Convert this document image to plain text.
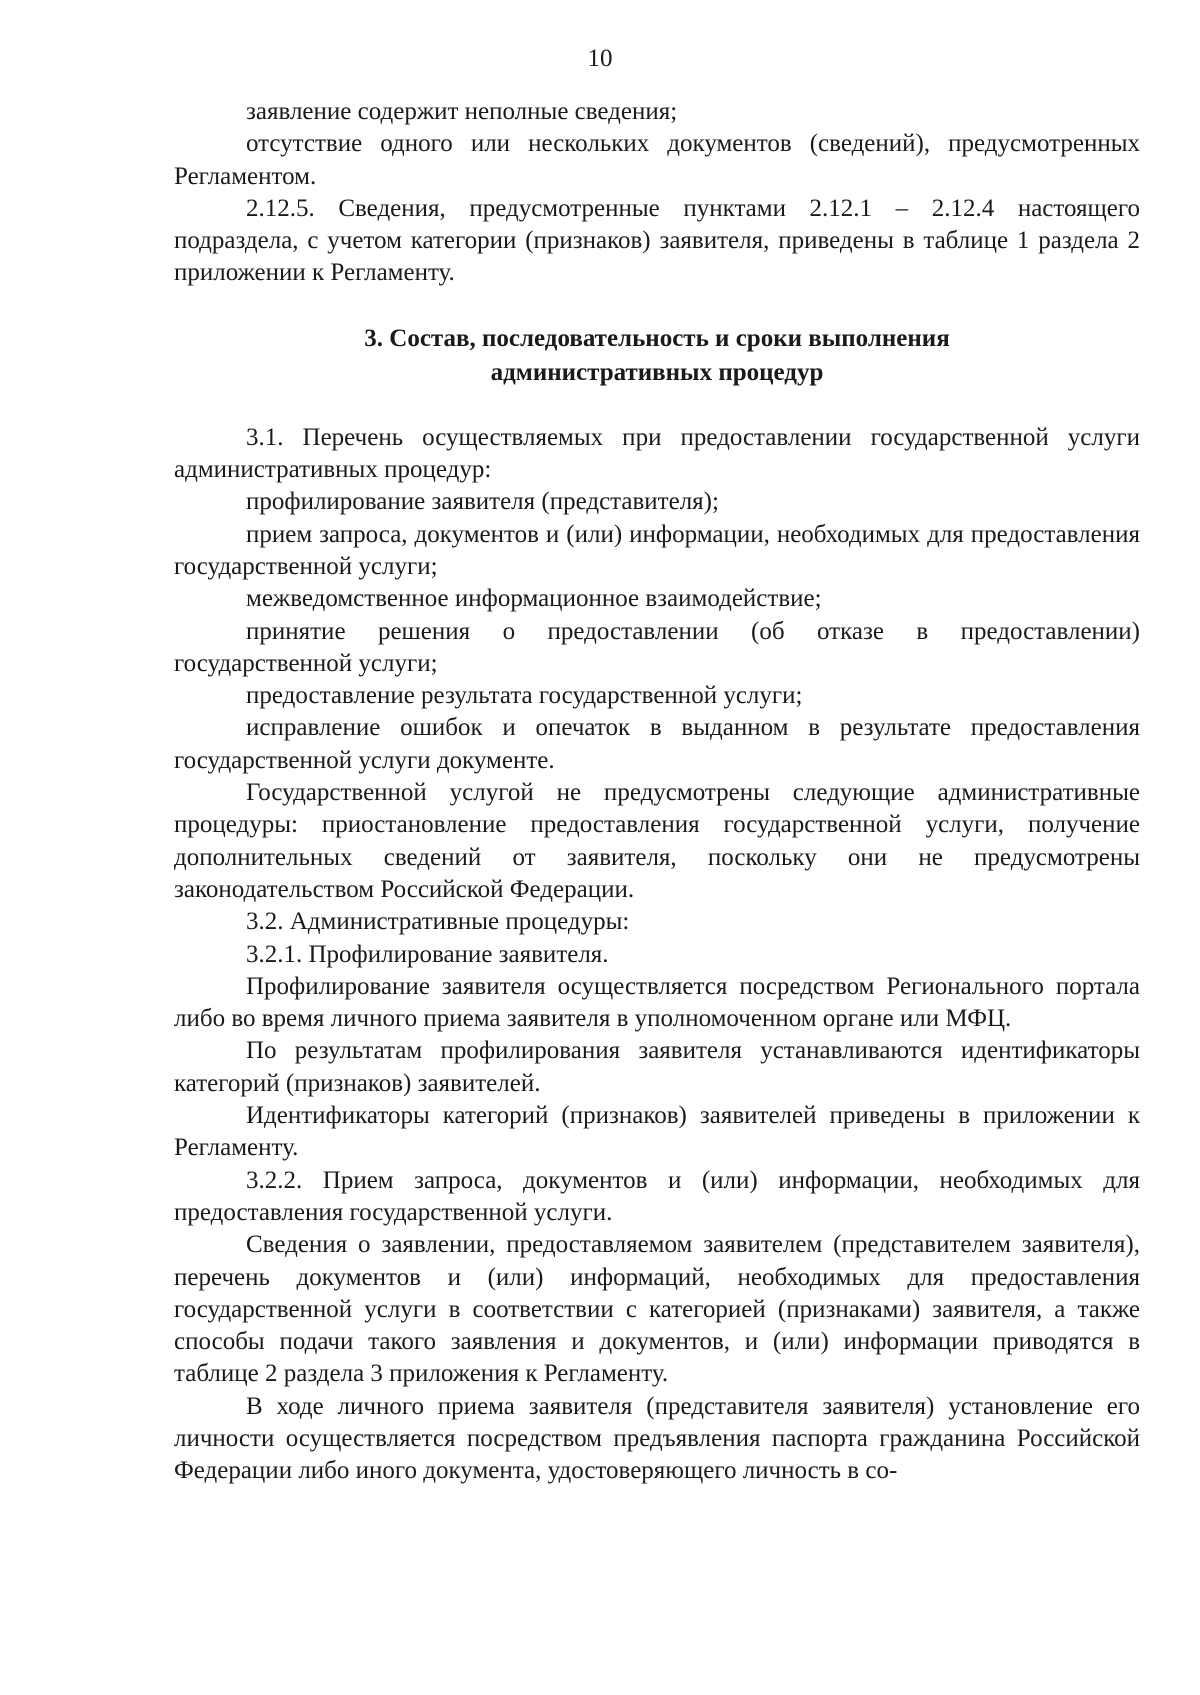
10

заявление содержит неполные сведения;

отсутствие одного или нескольких документов (сведений), предусмотренных Регламентом.

2.12.5. Сведения, предусмотренные пунктами 2.12.1 – 2.12.4 настоящего подраздела, с учетом категории (признаков) заявителя, приведены в таблице 1 раздела 2 приложении к Регламенту.

3. Состав, последовательность и сроки выполнения
административных процедур

3.1. Перечень осуществляемых при предоставлении государственной услуги административных процедур:

профилирование заявителя (представителя);

прием запроса, документов и (или) информации, необходимых для предоставления государственной услуги;

межведомственное информационное взаимодействие;

принятие решения о предоставлении (об отказе в предоставлении) государственной услуги;

предоставление результата государственной услуги;

исправление ошибок и опечаток в выданном в результате предоставления государственной услуги документе.

Государственной услугой не предусмотрены следующие административные процедуры: приостановление предоставления государственной услуги, получение дополнительных сведений от заявителя, поскольку они не предусмотрены законодательством Российской Федерации.

3.2. Административные процедуры:

3.2.1. Профилирование заявителя.

Профилирование заявителя осуществляется посредством Регионального портала либо во время личного приема заявителя в уполномоченном органе или МФЦ.

По результатам профилирования заявителя устанавливаются идентификаторы категорий (признаков) заявителей.

Идентификаторы категорий (признаков) заявителей приведены в приложении к Регламенту.

3.2.2. Прием запроса, документов и (или) информации, необходимых для предоставления государственной услуги.

Сведения о заявлении, предоставляемом заявителем (представителем заявителя), перечень документов и (или) информаций, необходимых для предоставления государственной услуги в соответствии с категорией (признаками) заявителя, а также способы подачи такого заявления и документов, и (или) информации приводятся в таблице 2 раздела 3 приложения к Регламенту.

В ходе личного приема заявителя (представителя заявителя) установление его личности осуществляется посредством предъявления паспорта гражданина Российской Федерации либо иного документа, удостоверяющего личность в со-
